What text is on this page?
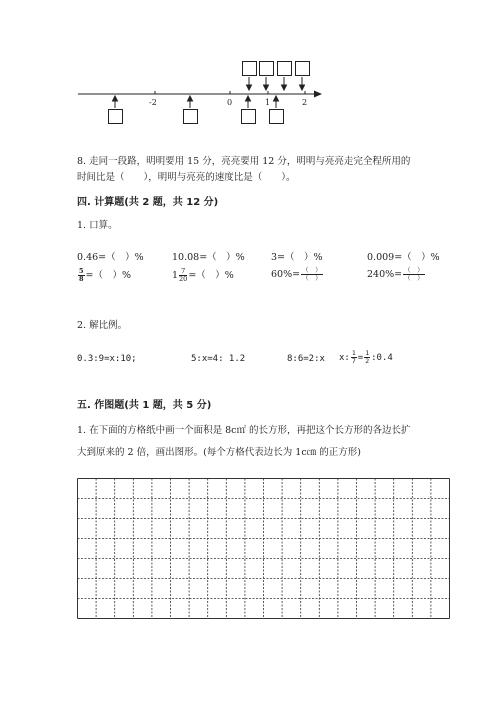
-2	0	1	2
8. 走同一段路，明明要用 15 分，亮亮要用 12 分，明明与亮亮走完全程所用的
时间比是（　　），明明与亮亮的速度比是（　　）。
四. 计算题(共 2 题，共 12 分)
1. 口算。
0.46=（　）%	10.08=（　）%	3=（　）%	0.009=（　）%
$\frac{5}{8}$ =（　）%	$1 \frac{7}{20}$ =（　）%	$60\%= \frac{( )}{( )}$	$240\%= \frac{( )}{( )}$
2. 解比例。
0.3:9=x:10;	5:x=4: 1.2	8:6=2:x x: $\frac{1}{7} = \frac{1}{2}$ :0.4
五. 作图题(共 1 题，共 5 分)
1. 在下面的方格纸中画一个面积是 8c㎡ 的长方形，再把这个长方形的各边长扩
大到原来的 2 倍，画出图形。(每个方格代表边长为 1c㎝ 的正方形)
